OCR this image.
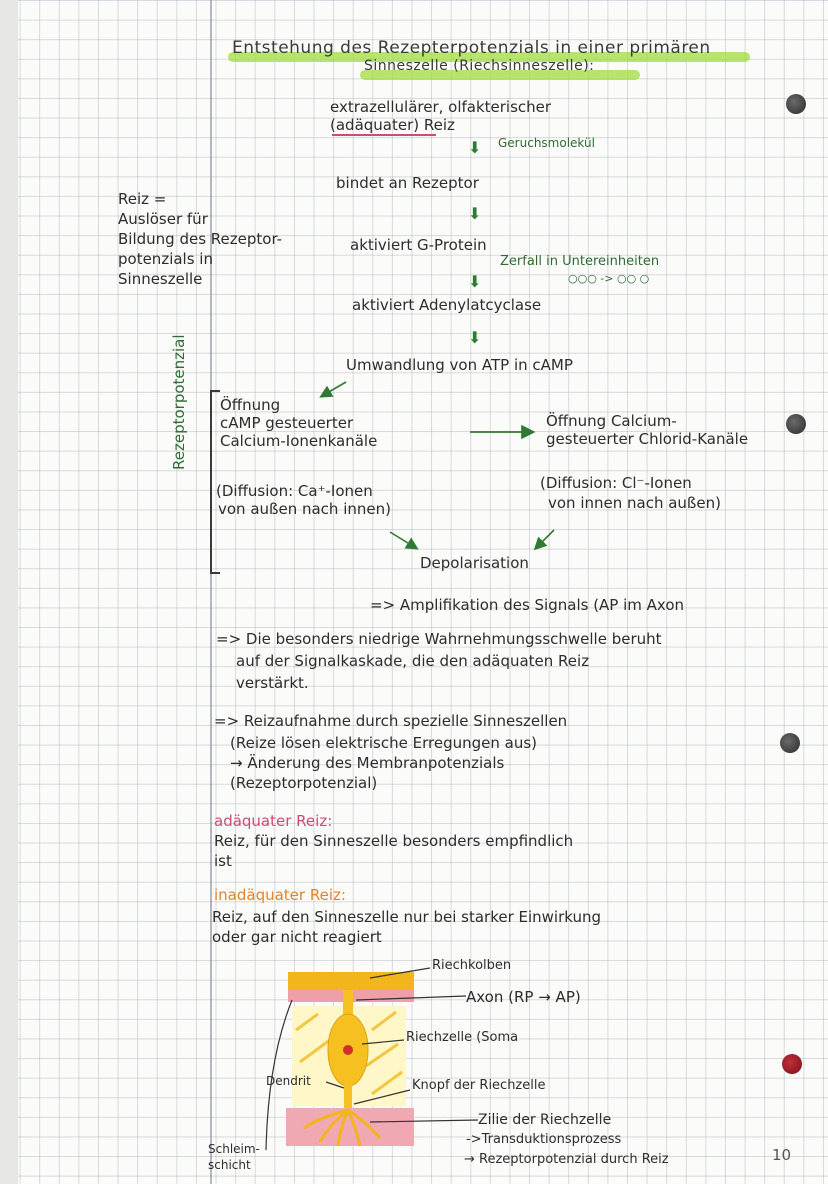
Entstehung des Rezepterpotenzials in einer primären
Sinneszelle (Riechsinneszelle):
Reiz =
Auslöser für
Bildung des Rezeptor-
potenzials in
Sinneszelle
extrazellulärer, olfakterischer
(adäquater) Reiz
⬇ Geruchsmolekül
bindet an Rezeptor
⬇
aktiviert G-Protein
⬇
Zerfall in Untereinheiten
○○○ -> ○○ ○
aktiviert Adenylatcyclase
⬇
Umwandlung von ATP in cAMP
Rezeptorpotenzial Öffnung
cAMP gesteuerter
Calcium-Ionenkanäle
(Diffusion: Ca⁺-Ionen
von außen nach innen)
Öffnung Calcium-
gesteuerter Chlorid-Kanäle
(Diffusion: Cl⁻-Ionen
von innen nach außen)
Depolarisation
=> Amplifikation des Signals (AP im Axon
=> Die besonders niedrige Wahrnehmungsschwelle beruht
auf der Signalkaskade, die den adäquaten Reiz
verstärkt.
=> Reizaufnahme durch spezielle Sinneszellen
(Reize lösen elektrische Erregungen aus)
→ Änderung des Membranpotenzials
(Rezeptorpotenzial)
adäquater Reiz:
Reiz, für den Sinneszelle besonders empfindlich
ist
inadäquater Reiz:
Reiz, auf den Sinneszelle nur bei starker Einwirkung
oder gar nicht reagiert
Riechkolben
Axon (RP → AP)
Riechzelle (Soma
Dendrit	Knopf der Riechzelle
Zilie der Riechzelle
->Transduktionsprozess
→ Rezeptorpotenzial durch Reiz
Schleim-
schicht
10
